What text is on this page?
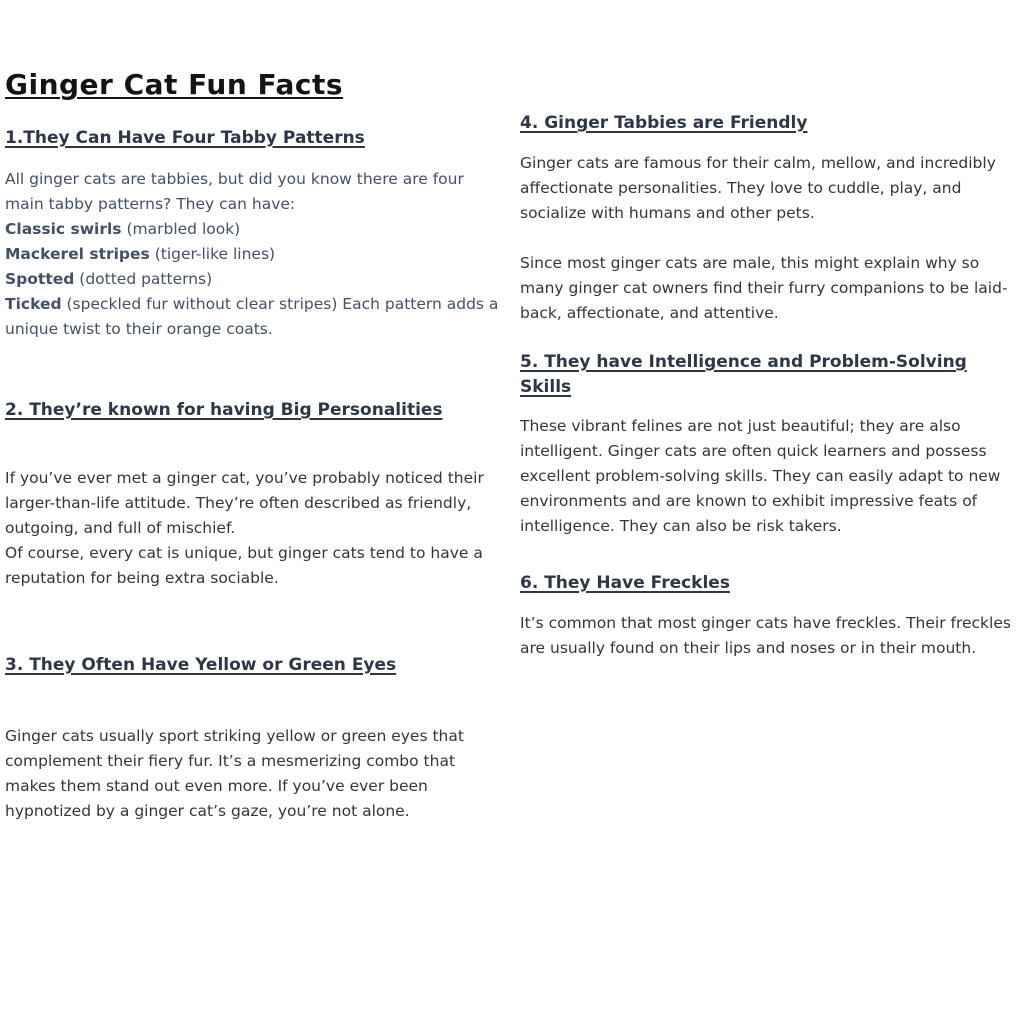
Ginger Cat Fun Facts
1.They Can Have Four Tabby Patterns
All ginger cats are tabbies, but did you know there are four main tabby patterns? They can have:
Classic swirls (marbled look)
Mackerel stripes (tiger-like lines)
Spotted (dotted patterns)
Ticked (speckled fur without clear stripes) Each pattern adds a unique twist to their orange coats.
2. They’re known for having Big Personalities
If you’ve ever met a ginger cat, you’ve probably noticed their larger-than-life attitude. They’re often described as friendly, outgoing, and full of mischief.
Of course, every cat is unique, but ginger cats tend to have a reputation for being extra sociable.
3. They Often Have Yellow or Green Eyes
Ginger cats usually sport striking yellow or green eyes that complement their fiery fur. It’s a mesmerizing combo that makes them stand out even more. If you’ve ever been hypnotized by a ginger cat’s gaze, you’re not alone.
4. Ginger Tabbies are Friendly
Ginger cats are famous for their calm, mellow, and incredibly affectionate personalities. They love to cuddle, play, and socialize with humans and other pets.
Since most ginger cats are male, this might explain why so many ginger cat owners find their furry companions to be laid-back, affectionate, and attentive.
5. They have Intelligence and Problem-Solving Skills
These vibrant felines are not just beautiful; they are also intelligent. Ginger cats are often quick learners and possess excellent problem-solving skills. They can easily adapt to new environments and are known to exhibit impressive feats of intelligence. They can also be risk takers.
6. They Have Freckles
It’s common that most ginger cats have freckles. Their freckles are usually found on their lips and noses or in their mouth.
